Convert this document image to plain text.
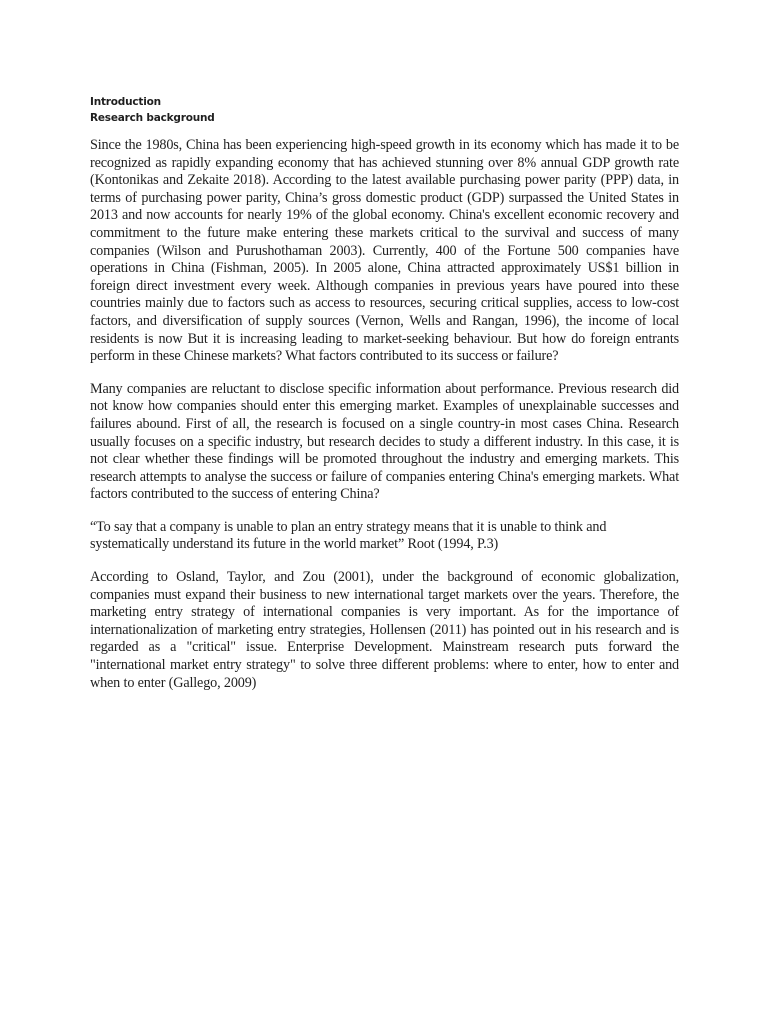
Introduction

Research background

Since the 1980s, China has been experiencing high-speed growth in its economy which has made it to be recognized as rapidly expanding economy that has achieved stunning over 8% annual GDP growth rate (Kontonikas and Zekaite 2018). According to the latest available purchasing power parity (PPP) data, in terms of purchasing power parity, China’s gross domestic product (GDP) surpassed the United States in 2013 and now accounts for nearly 19% of the global economy. China's excellent economic recovery and commitment to the future make entering these markets critical to the survival and success of many companies (Wilson and Purushothaman 2003). Currently, 400 of the Fortune 500 companies have operations in China (Fishman, 2005). In 2005 alone, China attracted approximately US$1 billion in foreign direct investment every week. Although companies in previous years have poured into these countries mainly due to factors such as access to resources, securing critical supplies, access to low-cost factors, and diversification of supply sources (Vernon, Wells and Rangan, 1996), the income of local residents is now But it is increasing leading to market-seeking behaviour. But how do foreign entrants perform in these Chinese markets? What factors contributed to its success or failure?

Many companies are reluctant to disclose specific information about performance. Previous research did not know how companies should enter this emerging market. Examples of unexplainable successes and failures abound. First of all, the research is focused on a single country-in most cases China. Research usually focuses on a specific industry, but research decides to study a different industry. In this case, it is not clear whether these findings will be promoted throughout the industry and emerging markets. This research attempts to analyse the success or failure of companies entering China's emerging markets. What factors contributed to the success of entering China?

“To say that a company is unable to plan an entry strategy means that it is unable to think and systematically understand its future in the world market” Root (1994, P.3)

According to Osland, Taylor, and Zou (2001), under the background of economic globalization, companies must expand their business to new international target markets over the years. Therefore, the marketing entry strategy of international companies is very important. As for the importance of internationalization of marketing entry strategies, Hollensen (2011) has pointed out in his research and is regarded as a "critical" issue. Enterprise Development. Mainstream research puts forward the "international market entry strategy" to solve three different problems: where to enter, how to enter and when to enter (Gallego, 2009)
